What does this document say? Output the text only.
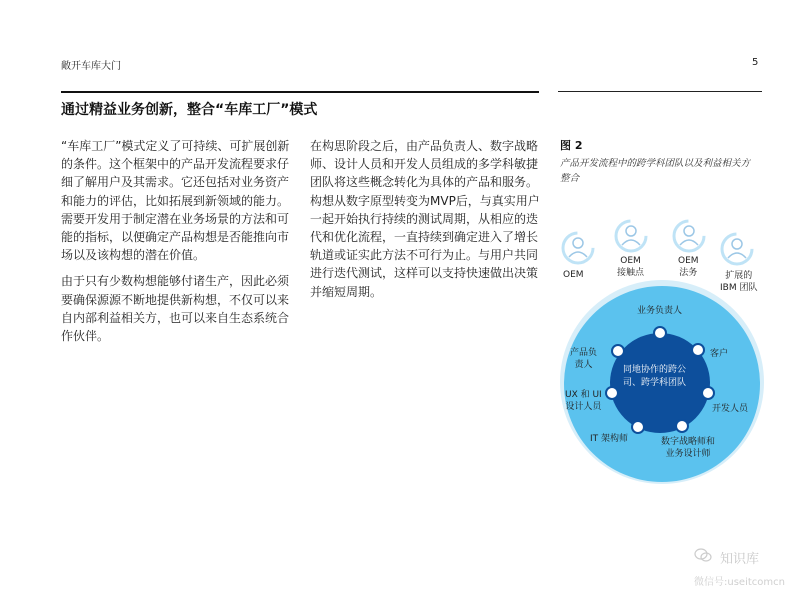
敞开车库大门	5
通过精益业务创新，整合“车库工厂”模式

“车库工厂”模式定义了可持续、可扩展创新的条件。这个框架中的产品开发流程要求仔细了解用户及其需求。它还包括对业务资产和能力的评估，比如拓展到新领域的能力。需要开发用于制定潜在业务场景的方法和可能的指标，以便确定产品构想是否能推向市场以及该构想的潜在价值。

由于只有少数构想能够付诸生产，因此必须要确保源源不断地提供新构想，不仅可以来自内部利益相关方，也可以来自生态系统合作伙伴。

在构思阶段之后，由产品负责人、数字战略师、设计人员和开发人员组成的多学科敏捷团队将这些概念转化为具体的产品和服务。构想从数字原型转变为MVP后，与真实用户一起开始执行持续的测试周期，从相应的迭代和优化流程，一直持续到确定进入了增长轨道或证实此方法不可行为止。与用户共同进行迭代测试，这样可以支持快速做出决策并缩短周期。

图 2
产品开发流程中的跨学科团队以及利益相关方整合
OEM
OEM
接触点
OEM
法务	扩展的
IBM 团队
业务负责人
客户
开发人员
数字战略师和
业务设计师
IT 架构师
UX 和 UI
设计人员
产品负
责人	同地协作的跨公
司、跨学科团队
知识库
微信号:useitcomcn
